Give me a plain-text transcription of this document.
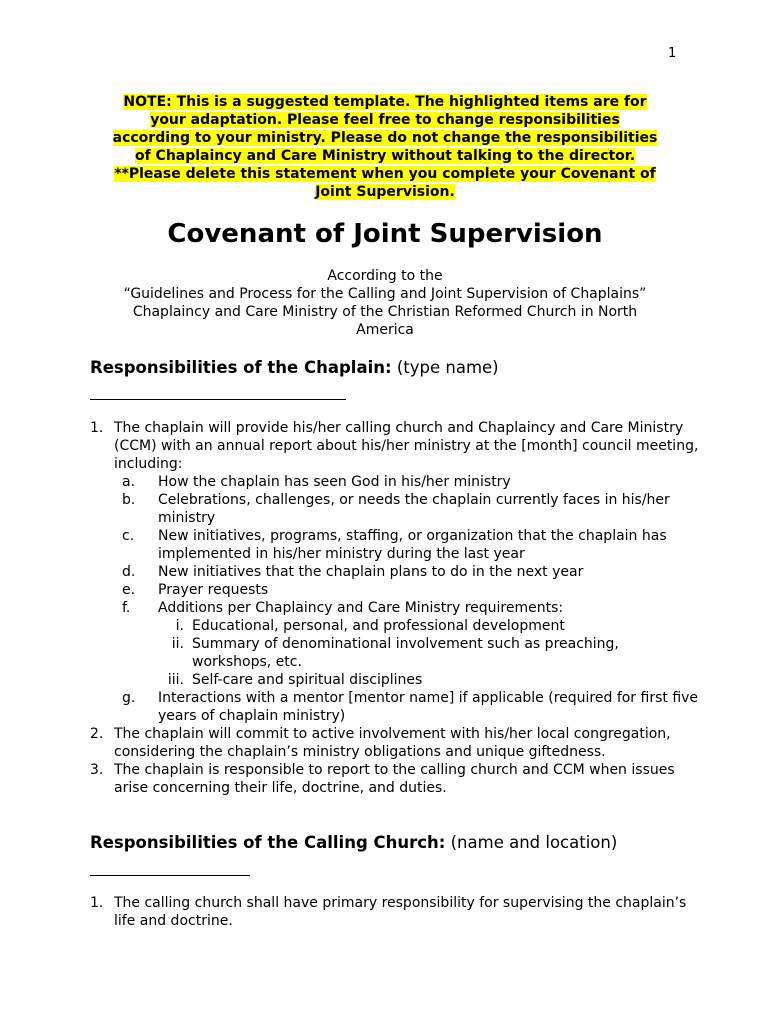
1
NOTE: This is a suggested template. The highlighted items are for
your adaptation. Please feel free to change responsibilities
according to your ministry. Please do not change the responsibilities
of Chaplaincy and Care Ministry without talking to the director.
**Please delete this statement when you complete your Covenant of
Joint Supervision.
Covenant of Joint Supervision
According to the
“Guidelines and Process for the Calling and Joint Supervision of Chaplains”
Chaplaincy and Care Ministry of the Christian Reformed Church in North
America
Responsibilities of the Chaplain: (type name)
1. The chaplain will provide his/her calling church and Chaplaincy and Care Ministry (CCM) with an annual report about his/her ministry at the [month] council meeting, including:
a. How the chaplain has seen God in his/her ministry
b. Celebrations, challenges, or needs the chaplain currently faces in his/her ministry
c. New initiatives, programs, staffing, or organization that the chaplain has implemented in his/her ministry during the last year
d. New initiatives that the chaplain plans to do in the next year
e. Prayer requests
f. Additions per Chaplaincy and Care Ministry requirements:
i. Educational, personal, and professional development
ii. Summary of denominational involvement such as preaching, workshops, etc.
iii. Self-care and spiritual disciplines
g. Interactions with a mentor [mentor name] if applicable (required for first five years of chaplain ministry)
2. The chaplain will commit to active involvement with his/her local congregation, considering the chaplain’s ministry obligations and unique giftedness.
3. The chaplain is responsible to report to the calling church and CCM when issues arise concerning their life, doctrine, and duties.
Responsibilities of the Calling Church: (name and location)
1. The calling church shall have primary responsibility for supervising the chaplain’s life and doctrine.
